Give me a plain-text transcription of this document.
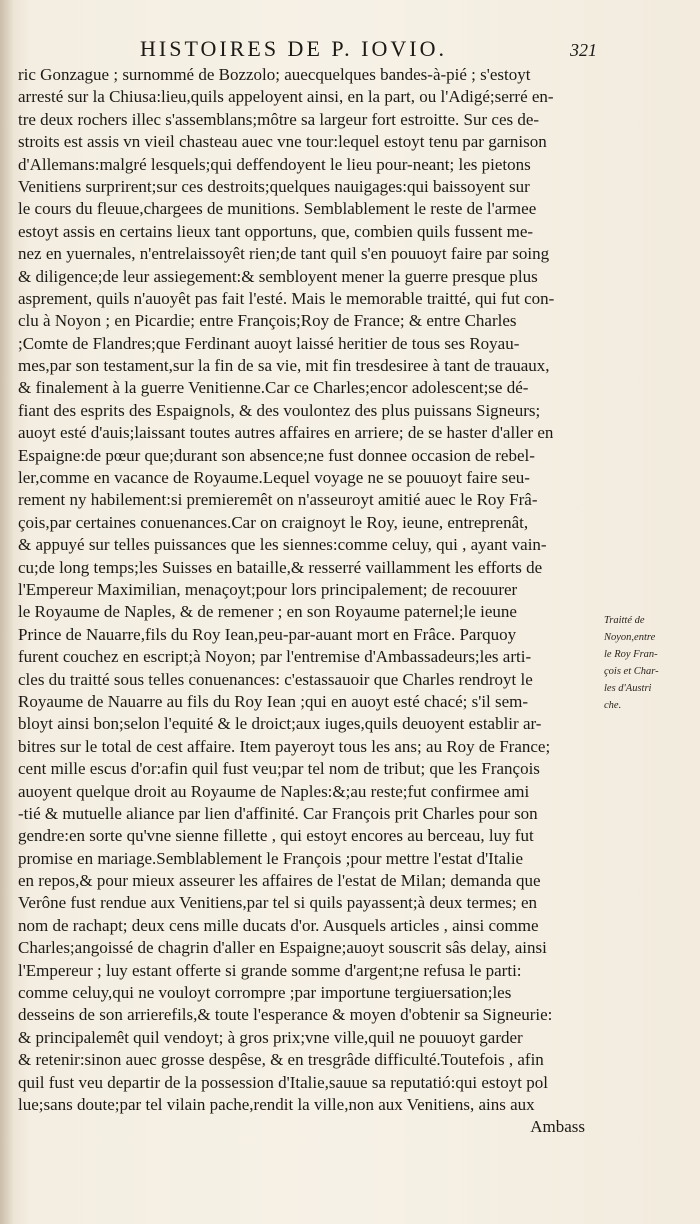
HISTOIRES DE P. IOVIO.	321
ric Gonzague ; surnommé de Bozzolo; auecquelques bandes-à-pié ; s'estoyt
arresté sur la Chiusa:lieu,quils appeloyent ainsi, en la part, ou l'Adigé;serré en-
tre deux rochers illec s'assemblans;môtre sa largeur fort estroitte. Sur ces de-
stroits est assis vn vieil chasteau auec vne tour:lequel estoyt tenu par garnison
d'Allemans:malgré lesquels;qui deffendoyent le lieu pour-neant; les pietons
Venitiens surprirent;sur ces destroits;quelques nauigages:qui baissoyent sur
le cours du fleuue,chargees de munitions. Semblablement le reste de l'armee
estoyt assis en certains lieux tant opportuns, que, combien quils fussent me-
nez en yuernales, n'entrelaissoyêt rien;de tant quil s'en pouuoyt faire par soing
& diligence;de leur assiegement:& sembloyent mener la guerre presque plus
asprement, quils n'auoyêt pas fait l'esté. Mais le memorable traitté, qui fut con-
clu à Noyon ; en Picardie; entre François;Roy de France; & entre Charles
;Comte de Flandres;que Ferdinant auoyt laissé heritier de tous ses Royau-
mes,par son testament,sur la fin de sa vie, mit fin tresdesiree à tant de trauaux,
& finalement à la guerre Venitienne.Car ce Charles;encor adolescent;se dé-
fiant des esprits des Espaignols, & des voulontez des plus puissans Signeurs;
auoyt esté d'auis;laissant toutes autres affaires en arriere; de se haster d'aller en
Espaigne:de pœur que;durant son absence;ne fust donnee occasion de rebel-
ler,comme en vacance de Royaume.Lequel voyage ne se pouuoyt faire seu-
rement ny habilement:si premieremêt on n'asseuroyt amitié auec le Roy Frâ-
çois,par certaines conuenances.Car on craignoyt le Roy, ieune, entreprenât,
& appuyé sur telles puissances que les siennes:comme celuy, qui , ayant vain-
cu;de long temps;les Suisses en bataille,& resserré vaillamment les efforts de
l'Empereur Maximilian, menaçoyt;pour lors principalement; de recouurer
le Royaume de Naples, & de remener ; en son Royaume paternel;le ieune
Prince de Nauarre,fils du Roy Iean,peu-par-auant mort en Frâce. Parquoy
furent couchez en escript;à Noyon; par l'entremise d'Ambassadeurs;les arti-
cles du traitté sous telles conuenances: c'estassauoir que Charles rendroyt le
Royaume de Nauarre au fils du Roy Iean ;qui en auoyt esté chacé; s'il sem-
bloyt ainsi bon;selon l'equité & le droict;aux iuges,quils deuoyent establir ar-
bitres sur le total de cest affaire. Item payeroyt tous les ans; au Roy de France;
cent mille escus d'or:afin quil fust veu;par tel nom de tribut; que les François
auoyent quelque droit au Royaume de Naples:&;au reste;fut confirmee ami
-tié & mutuelle aliance par lien d'affinité. Car François prit Charles pour son
gendre:en sorte qu'vne sienne fillette , qui estoyt encores au berceau, luy fut
promise en mariage.Semblablement le François ;pour mettre l'estat d'Italie
en repos,& pour mieux asseurer les affaires de l'estat de Milan; demanda que
Verône fust rendue aux Venitiens,par tel si quils payassent;à deux termes; en
nom de rachapt; deux cens mille ducats d'or. Ausquels articles , ainsi comme
Charles;angoissé de chagrin d'aller en Espaigne;auoyt souscrit sâs delay, ainsi
l'Empereur ; luy estant offerte si grande somme d'argent;ne refusa le parti:
comme celuy,qui ne vouloyt corrompre ;par importune tergiuersation;les
desseins de son arrierefils,& toute l'esperance & moyen d'obtenir sa Signeurie:
& principalemêt quil vendoyt; à gros prix;vne ville,quil ne pouuoyt garder
& retenir:sinon auec grosse despêse, & en tresgrâde difficulté.Toutefois , afin
quil fust veu departir de la possession d'Italie,sauue sa reputatió:qui estoyt pol
lue;sans doute;par tel vilain pache,rendit la ville,non aux Venitiens, ains aux
Ambass
Traitté de
Noyon,entre
le Roy Fran-
çois et Char-
les d'Austri
che.
